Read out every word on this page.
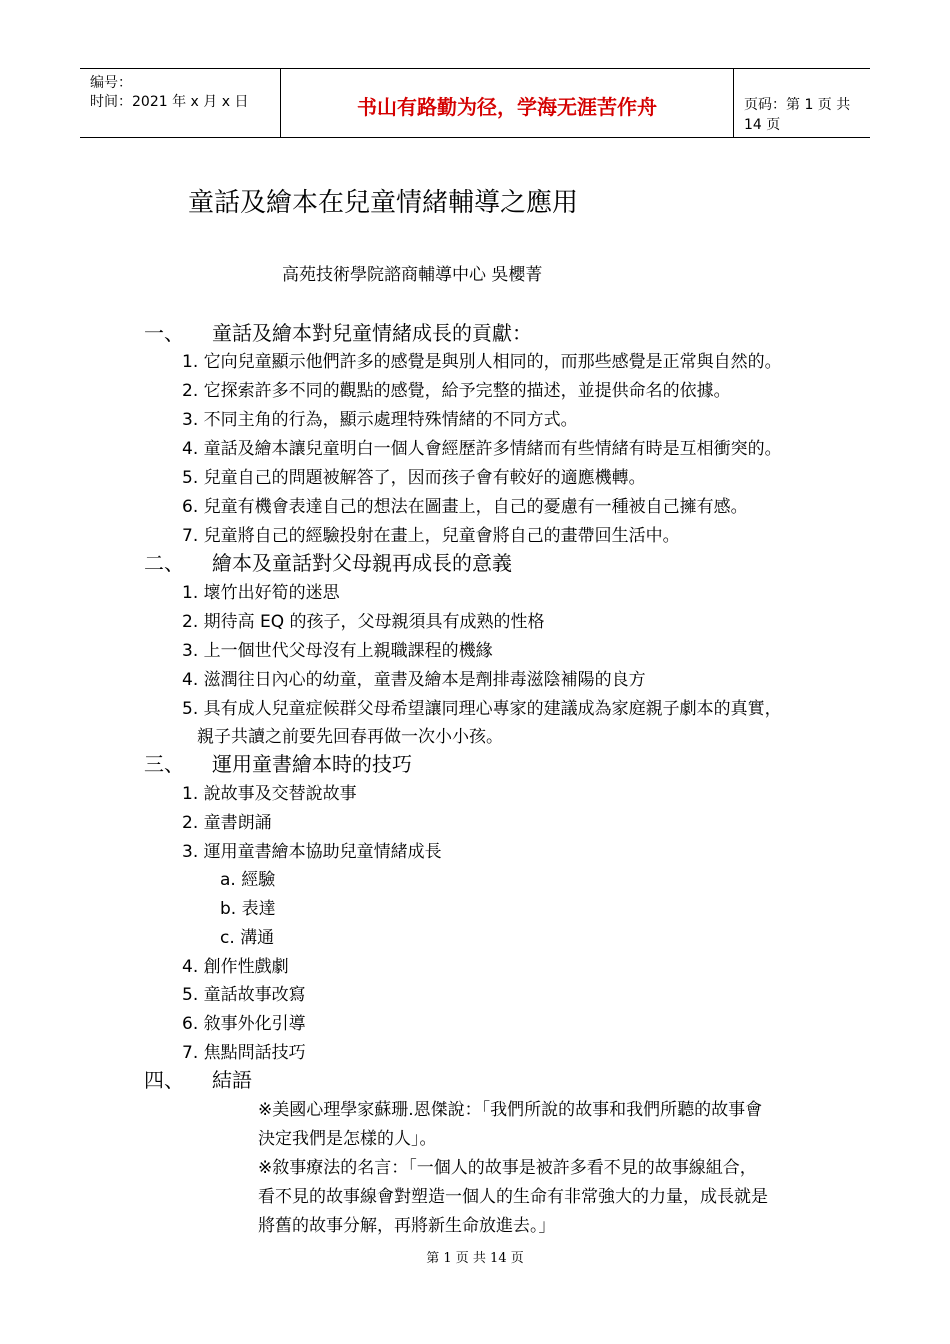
编号：
时间：2021 年 x 月 x 日	书山有路勤为径，学海无涯苦作舟	页码：第 1 页 共 14 页
童話及繪本在兒童情緒輔導之應用
高苑技術學院諮商輔導中心 吳櫻菁
一、 童話及繪本對兒童情緒成長的貢獻：
1. 它向兒童顯示他們許多的感覺是與別人相同的，而那些感覺是正常與自然的。
2. 它探索許多不同的觀點的感覺，給予完整的描述，並提供命名的依據。
3. 不同主角的行為，顯示處理特殊情緒的不同方式。
4. 童話及繪本讓兒童明白一個人會經歷許多情緒而有些情緒有時是互相衝突的。
5. 兒童自己的問題被解答了，因而孩子會有較好的適應機轉。
6. 兒童有機會表達自己的想法在圖畫上，自己的憂慮有一種被自己擁有感。
7. 兒童將自己的經驗投射在畫上，兒童會將自己的畫帶回生活中。
二、 繪本及童話對父母親再成長的意義
1. 壞竹出好筍的迷思
2. 期待高 EQ 的孩子，父母親須具有成熟的性格
3. 上一個世代父母沒有上親職課程的機緣
4. 滋潤往日內心的幼童，童書及繪本是劑排毒滋陰補陽的良方
5. 具有成人兒童症候群父母希望讓同理心專家的建議成為家庭親子劇本的真實，
親子共讀之前要先回春再做一次小小孩。
三、 運用童書繪本時的技巧
1. 說故事及交替說故事
2. 童書朗誦
3. 運用童書繪本協助兒童情緒成長
a. 經驗
b. 表達
c. 溝通
4. 創作性戲劇
5. 童話故事改寫
6. 敘事外化引導
7. 焦點問話技巧
四、 結語
※美國心理學家蘇珊.恩傑說：「我們所說的故事和我們所聽的故事會
決定我們是怎樣的人」。
※敘事療法的名言：「一個人的故事是被許多看不見的故事線組合，
看不見的故事線會對塑造一個人的生命有非常強大的力量，成長就是
將舊的故事分解，再將新生命放進去。」
第 1 页 共 14 页
